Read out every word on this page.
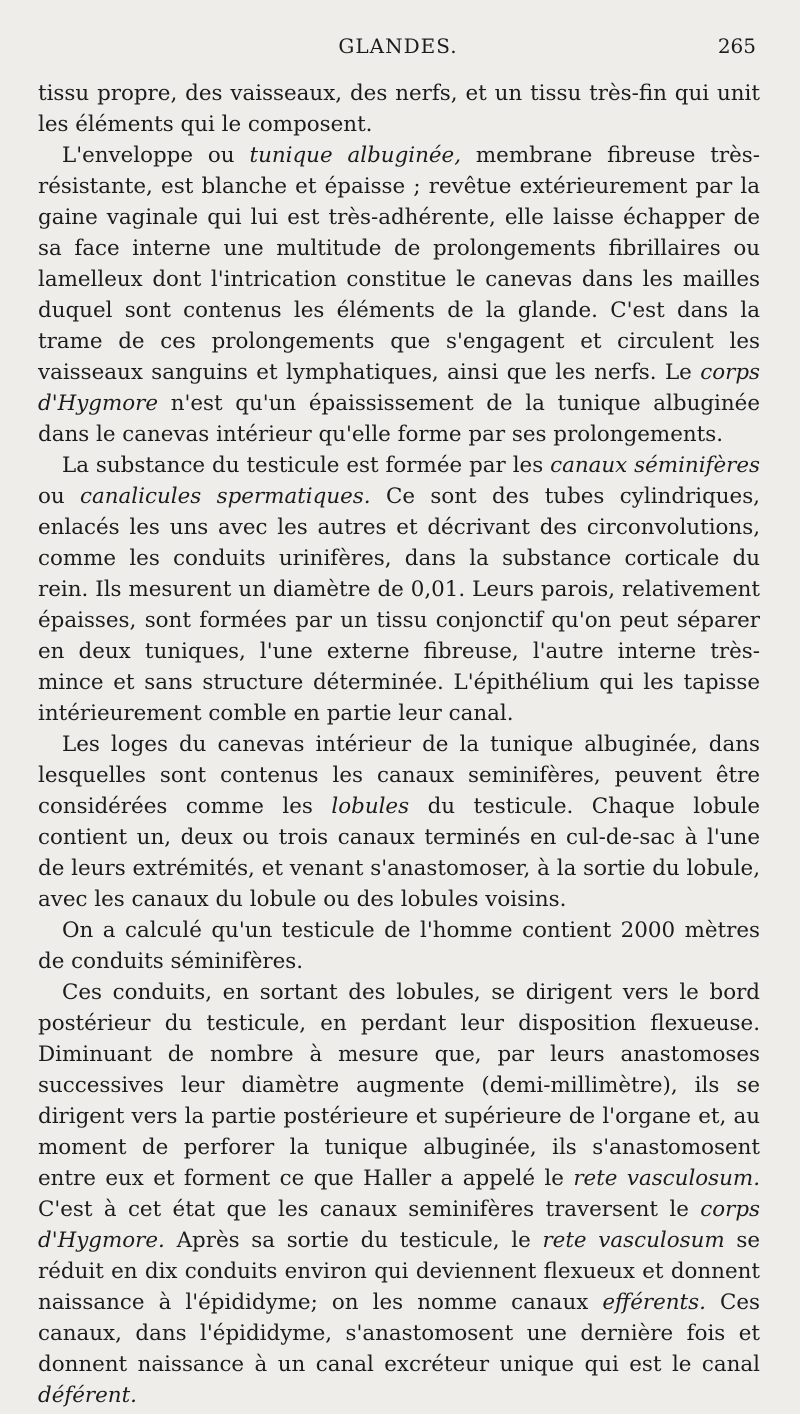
GLANDES.	265

tissu propre, des vaisseaux, des nerfs, et un tissu très-fin qui unit les éléments qui le composent.

L'enveloppe ou tunique albuginée, membrane fibreuse très-résistante, est blanche et épaisse ; revêtue extérieurement par la gaine vaginale qui lui est très-adhérente, elle laisse échapper de sa face interne une multitude de prolongements fibrillaires ou lamelleux dont l'intrication constitue le canevas dans les mailles duquel sont contenus les éléments de la glande. C'est dans la trame de ces prolongements que s'engagent et circulent les vaisseaux sanguins et lymphatiques, ainsi que les nerfs. Le corps d'Hygmore n'est qu'un épaississement de la tunique albuginée dans le canevas intérieur qu'elle forme par ses prolongements.

La substance du testicule est formée par les canaux séminifères ou canalicules spermatiques. Ce sont des tubes cylindriques, enlacés les uns avec les autres et décrivant des circonvolutions, comme les conduits urinifères, dans la substance corticale du rein. Ils mesurent un diamètre de 0,01. Leurs parois, relativement épaisses, sont formées par un tissu conjonctif qu'on peut séparer en deux tuniques, l'une externe fibreuse, l'autre interne très-mince et sans structure déterminée. L'épithélium qui les tapisse intérieurement comble en partie leur canal.

Les loges du canevas intérieur de la tunique albuginée, dans lesquelles sont contenus les canaux seminifères, peuvent être considérées comme les lobules du testicule. Chaque lobule contient un, deux ou trois canaux terminés en cul-de-sac à l'une de leurs extrémités, et venant s'anastomoser, à la sortie du lobule, avec les canaux du lobule ou des lobules voisins.

On a calculé qu'un testicule de l'homme contient 2000 mètres de conduits séminifères.

Ces conduits, en sortant des lobules, se dirigent vers le bord postérieur du testicule, en perdant leur disposition flexueuse. Diminuant de nombre à mesure que, par leurs anastomoses successives leur diamètre augmente (demi-millimètre), ils se dirigent vers la partie postérieure et supérieure de l'organe et, au moment de perforer la tunique albuginée, ils s'anastomosent entre eux et forment ce que Haller a appelé le rete vasculosum. C'est à cet état que les canaux seminifères traversent le corps d'Hygmore. Après sa sortie du testicule, le rete vasculosum se réduit en dix conduits environ qui deviennent flexueux et donnent naissance à l'épididyme; on les nomme canaux efférents. Ces canaux, dans l'épididyme, s'anastomosent une dernière fois et donnent naissance à un canal excréteur unique qui est le canal déférent.
